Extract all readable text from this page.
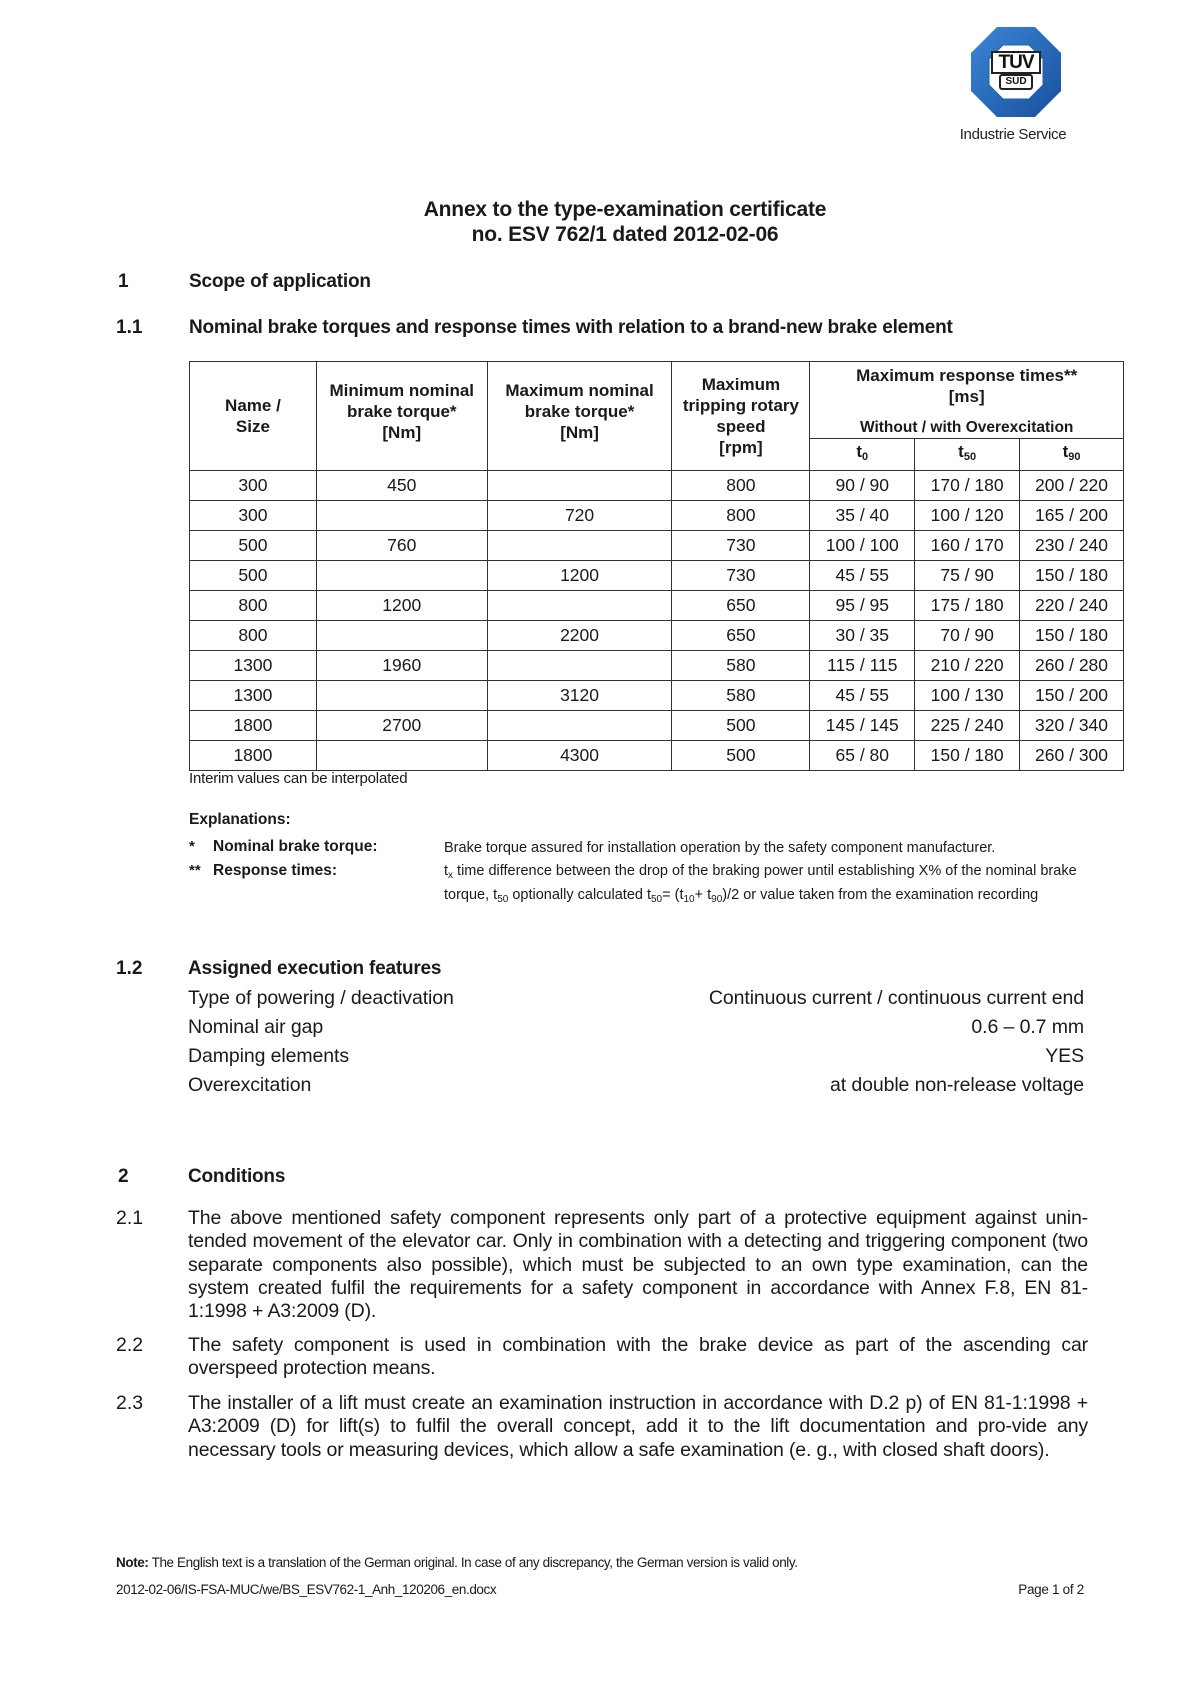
TÜV
SÜD
Industrie Service
Annex to the type-examination certificate
no. ESV 762/1 dated 2012-02-06
1	Scope of application
1.1 Nominal brake torques and response times with relation to a brand-new brake element
Name /
Size

Minimum nominal
brake torque*
[Nm]

Maximum nominal
brake torque*
[Nm]

Maximum
tripping rotary
speed
[rpm]

Maximum response times**
[ms]
Without / with Overexcitation

				$t_0$	$t_{50}$	$t_{90}$
300	450		800	90 / 90	170 / 180	200 / 220
300		720	800	35 / 40	100 / 120	165 / 200
500	760		730	100 / 100	160 / 170	230 / 240
500		1200	730	45 / 55	75 / 90	150 / 180
800	1200		650	95 / 95	175 / 180	220 / 240
800		2200	650	30 / 35	70 / 90	150 / 180
1300	1960		580	115 / 115	210 / 220	260 / 280
1300		3120	580	45 / 55	100 / 130	150 / 200
1800	2700		500	145 / 145	225 / 240	320 / 340
1800		4300	500	65 / 80	150 / 180	260 / 300
Interim values can be interpolated
Explanations:
* Nominal brake torque:	Brake torque assured for installation operation by the safety component manufacturer.
** Response times:	$t_x$ time difference between the drop of the braking power until establishing X% of the nominal brake torque, $t_{50}$ optionally calculated $t_{50}= (t_{10}+ t_{90})/2$ or value taken from the examination recording
1.2 Assigned execution features
Type of powering / deactivation	Continuous current / continuous current end
Nominal air gap	0.6 – 0.7 mm
Damping elements	YES
Overexcitation	at double non-release voltage
2	Conditions
2.1 The above mentioned safety component represents only part of a protective equipment against unin-tended movement of the elevator car. Only in combination with a detecting and triggering component (two separate components also possible), which must be subjected to an own type examination, can the system created fulfil the requirements for a safety component in accordance with Annex F.8, EN 81-1:1998 + A3:2009 (D).
2.2 The safety component is used in combination with the brake device as part of the ascending car overspeed protection means.
2.3 The installer of a lift must create an examination instruction in accordance with D.2 p) of EN 81-1:1998 + A3:2009 (D) for lift(s) to fulfil the overall concept, add it to the lift documentation and pro-vide any necessary tools or measuring devices, which allow a safe examination (e. g., with closed shaft doors).
Note: The English text is a translation of the German original. In case of any discrepancy, the German version is valid only.
2012-02-06/IS-FSA-MUC/we/BS_ESV762-1_Anh_120206_en.docx	Page 1 of 2
